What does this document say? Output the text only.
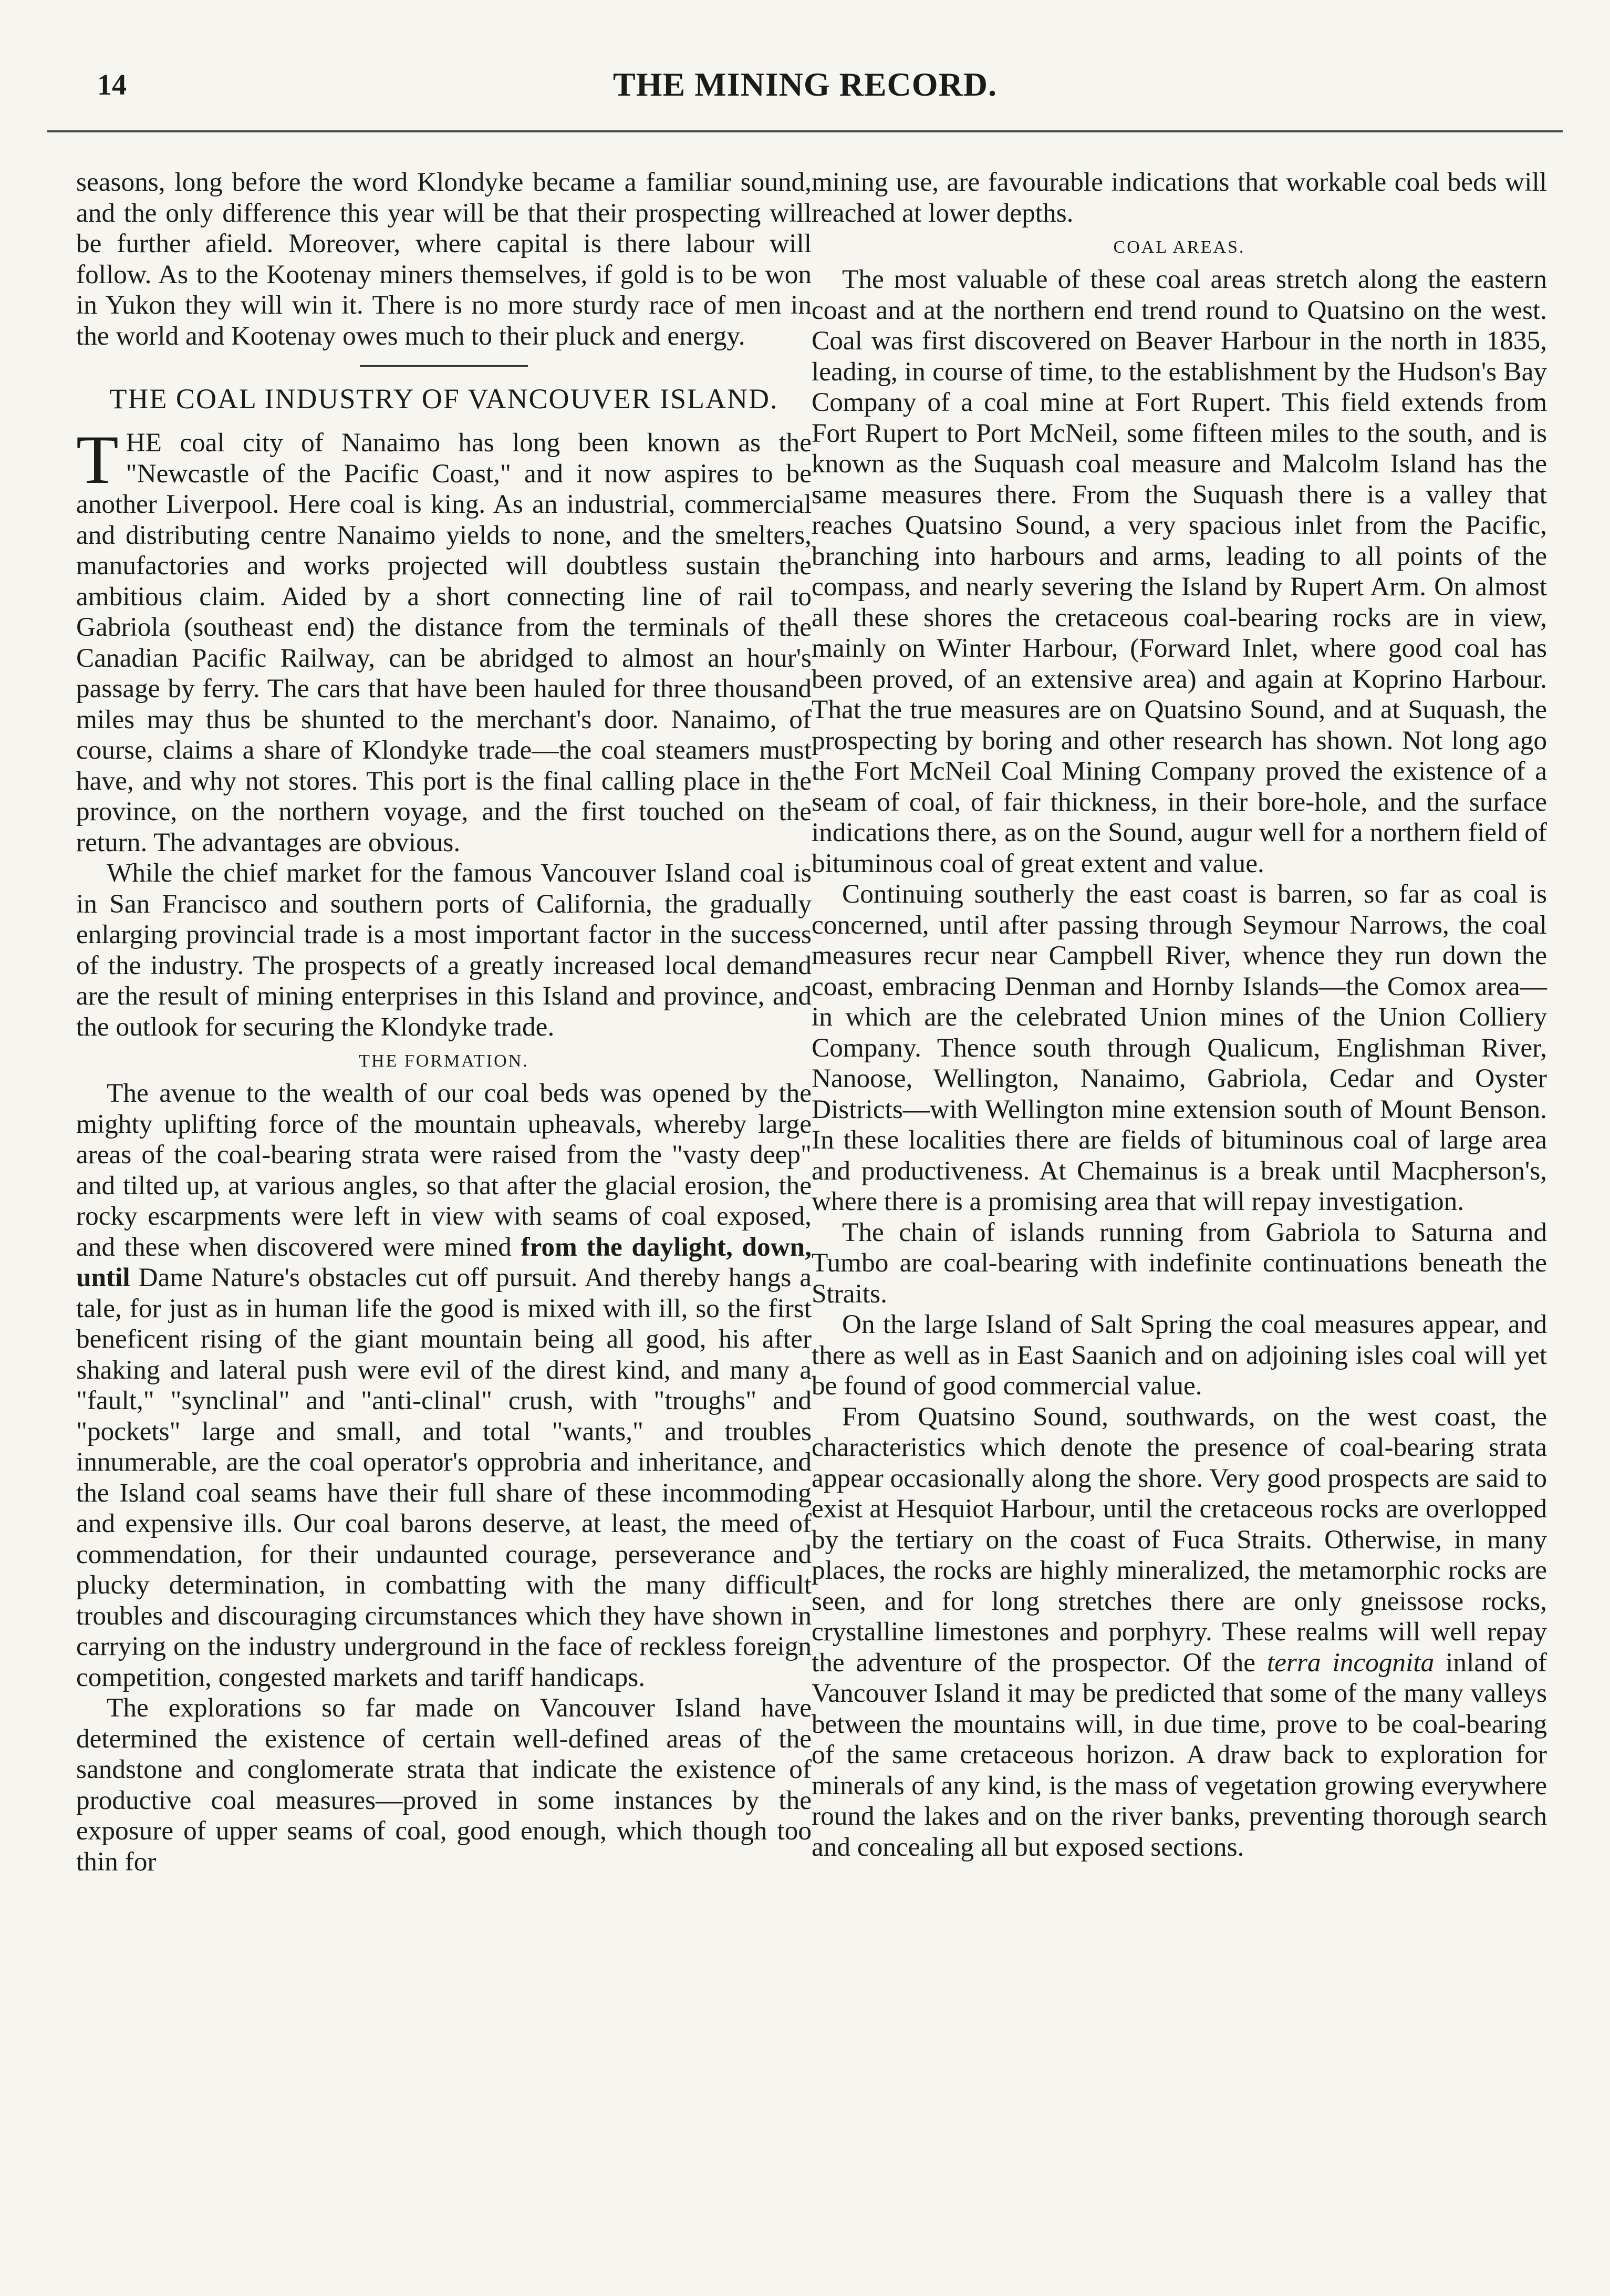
14	THE MINING RECORD.

seasons, long before the word Klondyke became a familiar sound, and the only difference this year will be that their prospecting will be further afield. Moreover, where capital is there labour will follow. As to the Kootenay miners themselves, if gold is to be won in Yukon they will win it. There is no more sturdy race of men in the world and Kootenay owes much to their pluck and energy.

THE COAL INDUSTRY OF VANCOUVER ISLAND.

THE coal city of Nanaimo has long been known as the "Newcastle of the Pacific Coast," and it now aspires to be another Liverpool. Here coal is king. As an industrial, commercial and distributing centre Nanaimo yields to none, and the smelters, manufactories and works projected will doubtless sustain the ambitious claim. Aided by a short connecting line of rail to Gabriola (southeast end) the distance from the terminals of the Canadian Pacific Railway, can be abridged to almost an hour's passage by ferry. The cars that have been hauled for three thousand miles may thus be shunted to the merchant's door. Nanaimo, of course, claims a share of Klondyke trade—the coal steamers must have, and why not stores. This port is the final calling place in the province, on the northern voyage, and the first touched on the return. The advantages are obvious.

While the chief market for the famous Vancouver Island coal is in San Francisco and southern ports of California, the gradually enlarging provincial trade is a most important factor in the success of the industry. The prospects of a greatly increased local demand are the result of mining enterprises in this Island and province, and the outlook for securing the Klondyke trade.

THE FORMATION.

The avenue to the wealth of our coal beds was opened by the mighty uplifting force of the mountain upheavals, whereby large areas of the coal-bearing strata were raised from the "vasty deep" and tilted up, at various angles, so that after the glacial erosion, the rocky escarpments were left in view with seams of coal exposed, and these when discovered were mined from the daylight, down, until Dame Nature's obstacles cut off pursuit. And thereby hangs a tale, for just as in human life the good is mixed with ill, so the first beneficent rising of the giant mountain being all good, his after shaking and lateral push were evil of the direst kind, and many a "fault," "synclinal" and "anti-clinal" crush, with "troughs" and "pockets" large and small, and total "wants," and troubles innumerable, are the coal operator's opprobria and inheritance, and the Island coal seams have their full share of these incommoding and expensive ills. Our coal barons deserve, at least, the meed of commendation, for their undaunted courage, perseverance and plucky determination, in combatting with the many difficult troubles and discouraging circumstances which they have shown in carrying on the industry underground in the face of reckless foreign competition, congested markets and tariff handicaps.

The explorations so far made on Vancouver Island have determined the existence of certain well-defined areas of the sandstone and conglomerate strata that indicate the existence of productive coal measures—proved in some instances by the exposure of upper seams of coal, good enough, which though too thin for

mining use, are favourable indications that workable coal beds will reached at lower depths.

COAL AREAS.

The most valuable of these coal areas stretch along the eastern coast and at the northern end trend round to Quatsino on the west. Coal was first discovered on Beaver Harbour in the north in 1835, leading, in course of time, to the establishment by the Hudson's Bay Company of a coal mine at Fort Rupert. This field extends from Fort Rupert to Port McNeil, some fifteen miles to the south, and is known as the Suquash coal measure and Malcolm Island has the same measures there. From the Suquash there is a valley that reaches Quatsino Sound, a very spacious inlet from the Pacific, branching into harbours and arms, leading to all points of the compass, and nearly severing the Island by Rupert Arm. On almost all these shores the cretaceous coal-bearing rocks are in view, mainly on Winter Harbour, (Forward Inlet, where good coal has been proved, of an extensive area) and again at Koprino Harbour. That the true measures are on Quatsino Sound, and at Suquash, the prospecting by boring and other research has shown. Not long ago the Fort McNeil Coal Mining Company proved the existence of a seam of coal, of fair thickness, in their bore-hole, and the surface indications there, as on the Sound, augur well for a northern field of bituminous coal of great extent and value.

Continuing southerly the east coast is barren, so far as coal is concerned, until after passing through Seymour Narrows, the coal measures recur near Campbell River, whence they run down the coast, embracing Denman and Hornby Islands—the Comox area—in which are the celebrated Union mines of the Union Colliery Company. Thence south through Qualicum, Englishman River, Nanoose, Wellington, Nanaimo, Gabriola, Cedar and Oyster Districts—with Wellington mine extension south of Mount Benson. In these localities there are fields of bituminous coal of large area and productiveness. At Chemainus is a break until Macpherson's, where there is a promising area that will repay investigation.

The chain of islands running from Gabriola to Saturna and Tumbo are coal-bearing with indefinite continuations beneath the Straits.

On the large Island of Salt Spring the coal measures appear, and there as well as in East Saanich and on adjoining isles coal will yet be found of good commercial value.

From Quatsino Sound, southwards, on the west coast, the characteristics which denote the presence of coal-bearing strata appear occasionally along the shore. Very good prospects are said to exist at Hesquiot Harbour, until the cretaceous rocks are overlopped by the tertiary on the coast of Fuca Straits. Otherwise, in many places, the rocks are highly mineralized, the metamorphic rocks are seen, and for long stretches there are only gneissose rocks, crystalline limestones and porphyry. These realms will well repay the adventure of the prospector. Of the terra incognita inland of Vancouver Island it may be predicted that some of the many valleys between the mountains will, in due time, prove to be coal-bearing of the same cretaceous horizon. A draw back to exploration for minerals of any kind, is the mass of vegetation growing everywhere round the lakes and on the river banks, preventing thorough search and concealing all but exposed sections.
